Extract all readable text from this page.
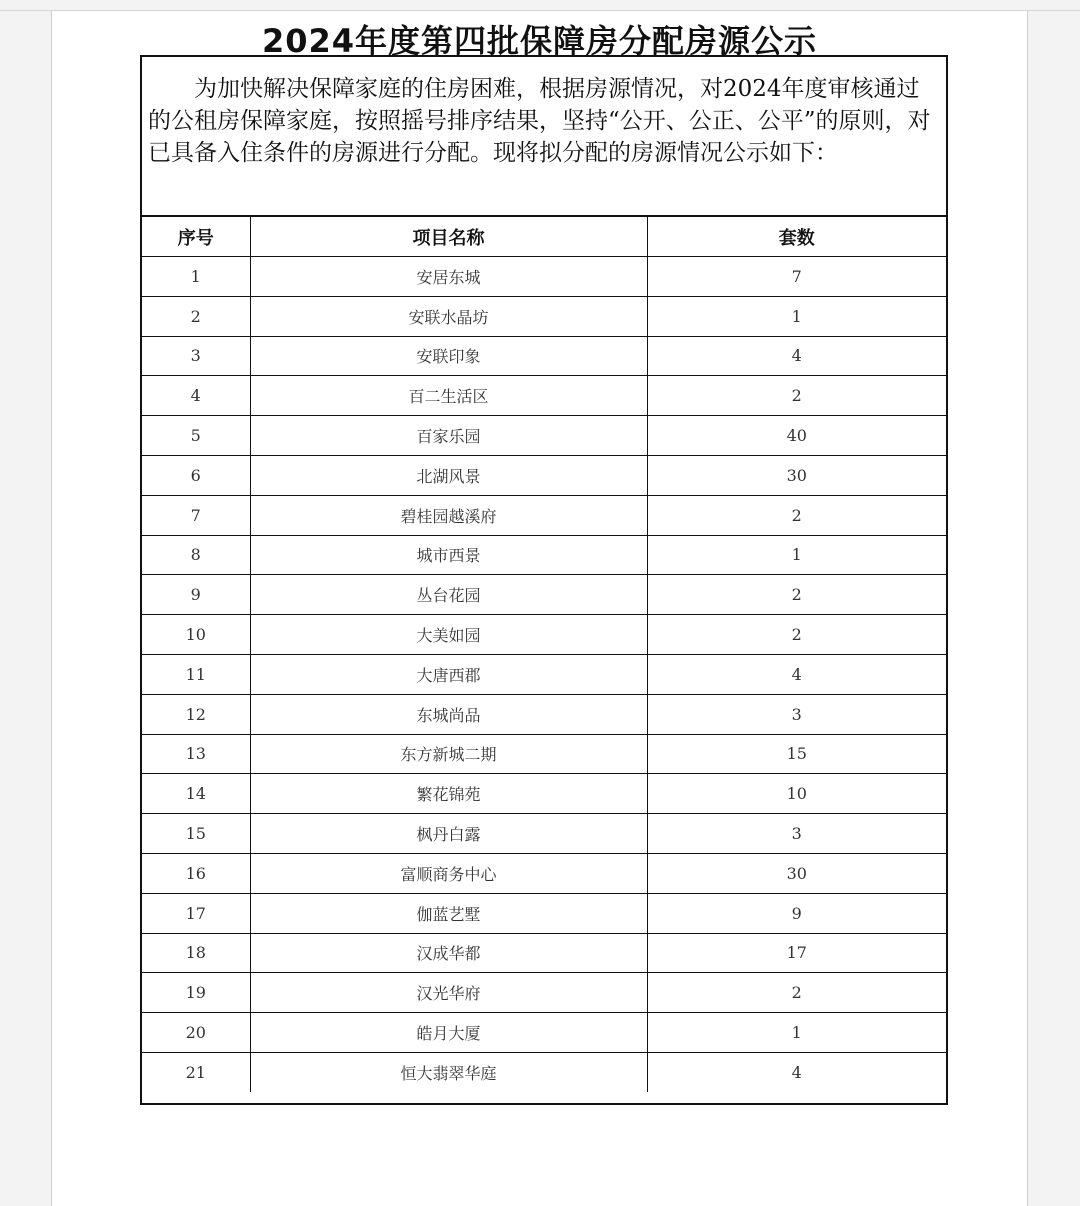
2024年度第四批保障房分配房源公示
为加快解决保障家庭的住房困难，根据房源情况，对2024年度审核通过的公租房保障家庭，按照摇号排序结果，坚持“公开、公正、公平”的原则，对已具备入住条件的房源进行分配。现将拟分配的房源情况公示如下：
序号	项目名称	套数
1	安居东城	7
2	安联水晶坊	1
3	安联印象	4
4	百二生活区	2
5	百家乐园	40
6	北湖风景	30
7	碧桂园越溪府	2
8	城市西景	1
9	丛台花园	2
10	大美如园	2
11	大唐西郡	4
12	东城尚品	3
13	东方新城二期	15
14	繁花锦苑	10
15	枫丹白露	3
16	富顺商务中心	30
17	伽蓝艺墅	9
18	汉成华都	17
19	汉光华府	2
20	皓月大厦	1
21	恒大翡翠华庭	4
